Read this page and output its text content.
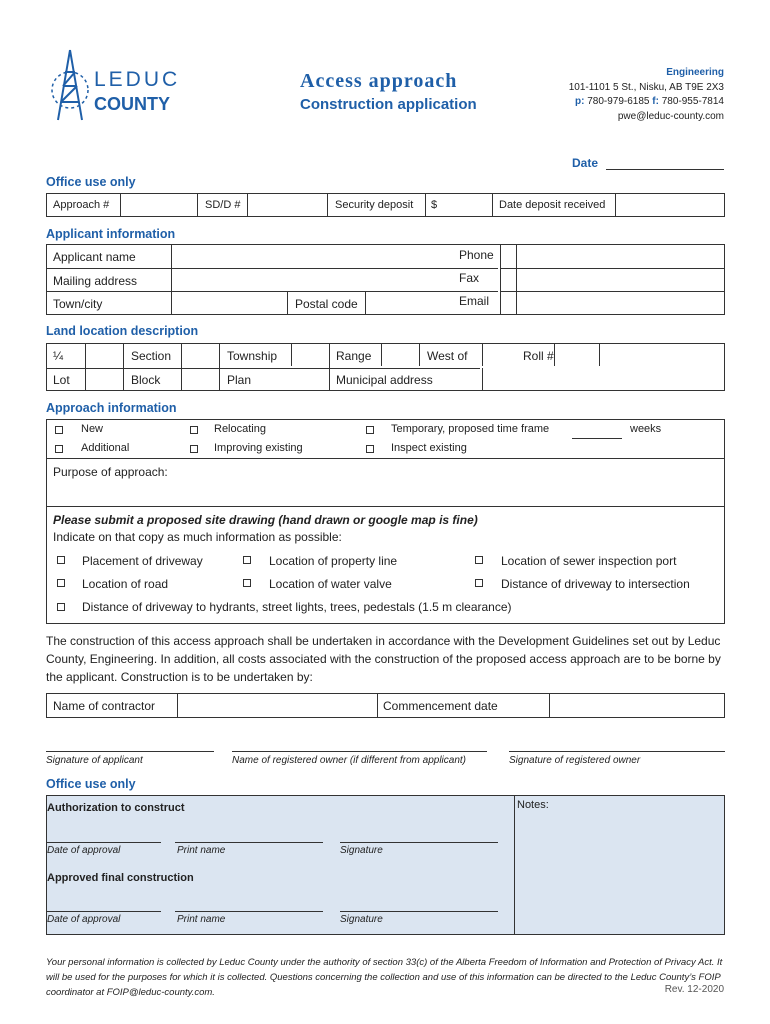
LEDUC
COUNTY
Access approach
Construction application
Engineering
101-1101 5 St., Nisku, AB T9E 2X3
p: 780-979-6185 f: 780-955-7814
pwe@leduc-county.com
Date
Office use only
Approach #	SD/D #	Security deposit $	Date deposit received
Applicant information
Applicant name
Mailing address
Town/city	Postal code
Phone
Fax
Email
Land location description
¼	Section	Township	Range	West of	Roll #
Lot	Block	Plan	Municipal address
Approach information
New
Additional
Relocating
Improving existing
Temporary, proposed time frame	weeks
Inspect existing
Purpose of approach:
Please submit a proposed site drawing (hand drawn or google map is fine)
Indicate on that copy as much information as possible:
Placement of driveway	Location of property line	Location of sewer inspection port
Location of road	Location of water valve	Distance of driveway to intersection
Distance of driveway to hydrants, street lights, trees, pedestals (1.5 m clearance)
The construction of this access approach shall be undertaken in accordance with the Development Guidelines set out by Leduc County, Engineering. In addition, all costs associated with the construction of the proposed access approach are to be borne by the applicant. Construction is to be undertaken by:
Name of contractor	Commencement date
Signature of applicant	Name of registered owner (if different from applicant)	Signature of registered owner
Office use only
Authorization to construct	Notes:
Date of approval	Print name	Signature
Approved final construction
Date of approval	Print name	Signature
Your personal information is collected by Leduc County under the authority of section 33(c) of the Alberta Freedom of Information and Protection of Privacy Act. It will be used for the purposes for which it is collected. Questions concerning the collection and use of this information can be directed to the Leduc County’s FOIP coordinator at FOIP@leduc-county.com.	Rev. 12-2020
